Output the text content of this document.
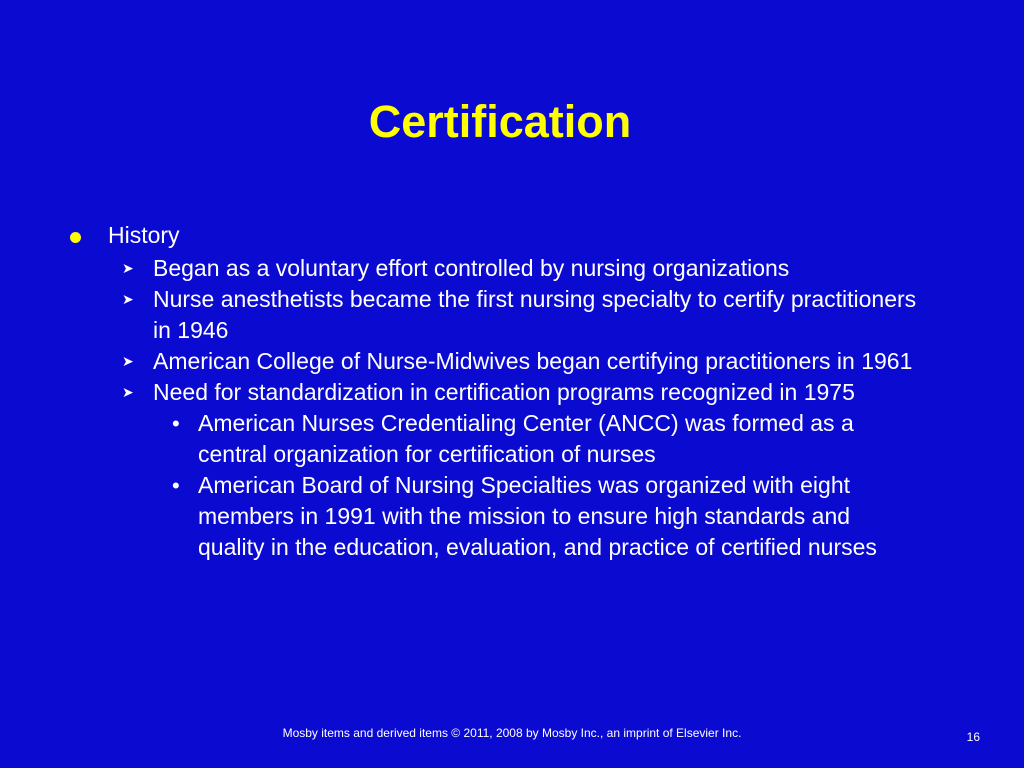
Certification
History
➤ Began as a voluntary effort controlled by nursing organizations
➤ Nurse anesthetists became the first nursing specialty to certify practitioners in 1946
➤ American College of Nurse-Midwives began certifying practitioners in 1961
➤ Need for standardization in certification programs recognized in 1975
• American Nurses Credentialing Center (ANCC) was formed as a central organization for certification of nurses
• American Board of Nursing Specialties was organized with eight members in 1991 with the mission to ensure high standards and quality in the education, evaluation, and practice of certified nurses
Mosby items and derived items © 2011, 2008 by Mosby Inc., an imprint of Elsevier Inc.	16
